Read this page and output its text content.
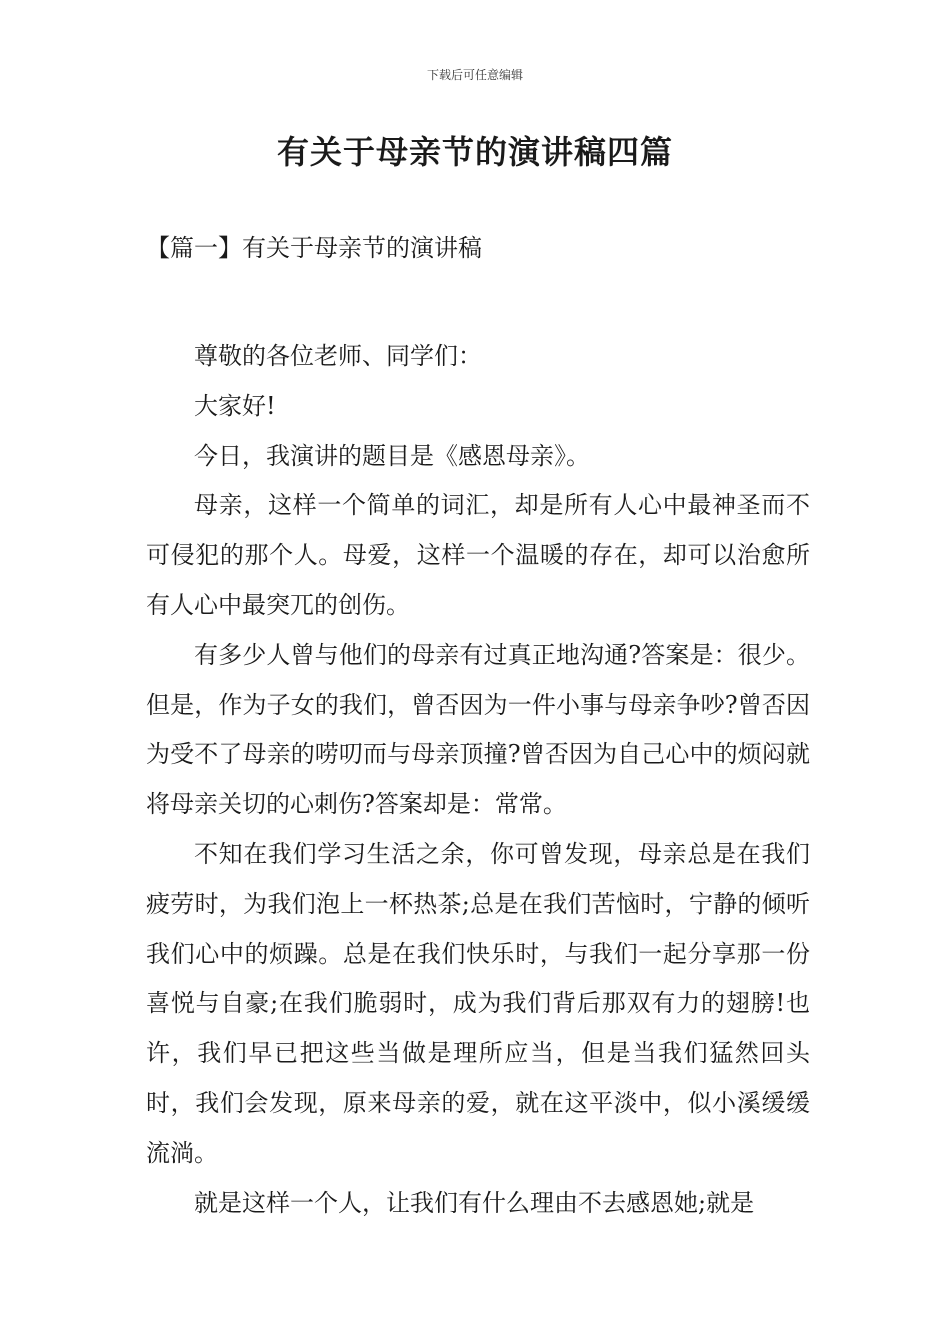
下载后可任意编辑
有关于母亲节的演讲稿四篇
【篇一】有关于母亲节的演讲稿

尊敬的各位老师、同学们：

大家好!

今日，我演讲的题目是《感恩母亲》。

母亲，这样一个简单的词汇，却是所有人心中最神圣而不可侵犯的那个人。母爱，这样一个温暖的存在，却可以治愈所有人心中最突兀的创伤。

有多少人曾与他们的母亲有过真正地沟通?答案是：很少。但是，作为子女的我们，曾否因为一件小事与母亲争吵?曾否因为受不了母亲的唠叨而与母亲顶撞?曾否因为自己心中的烦闷就将母亲关切的心刺伤?答案却是：常常。

不知在我们学习生活之余，你可曾发现，母亲总是在我们疲劳时，为我们泡上一杯热茶;总是在我们苦恼时，宁静的倾听我们心中的烦躁。总是在我们快乐时，与我们一起分享那一份喜悦与自豪;在我们脆弱时，成为我们背后那双有力的翅膀!也许，我们早已把这些当做是理所应当，但是当我们猛然回头时，我们会发现，原来母亲的爱，就在这平淡中，似小溪缓缓流淌。

就是这样一个人，让我们有什么理由不去感恩她;就是
